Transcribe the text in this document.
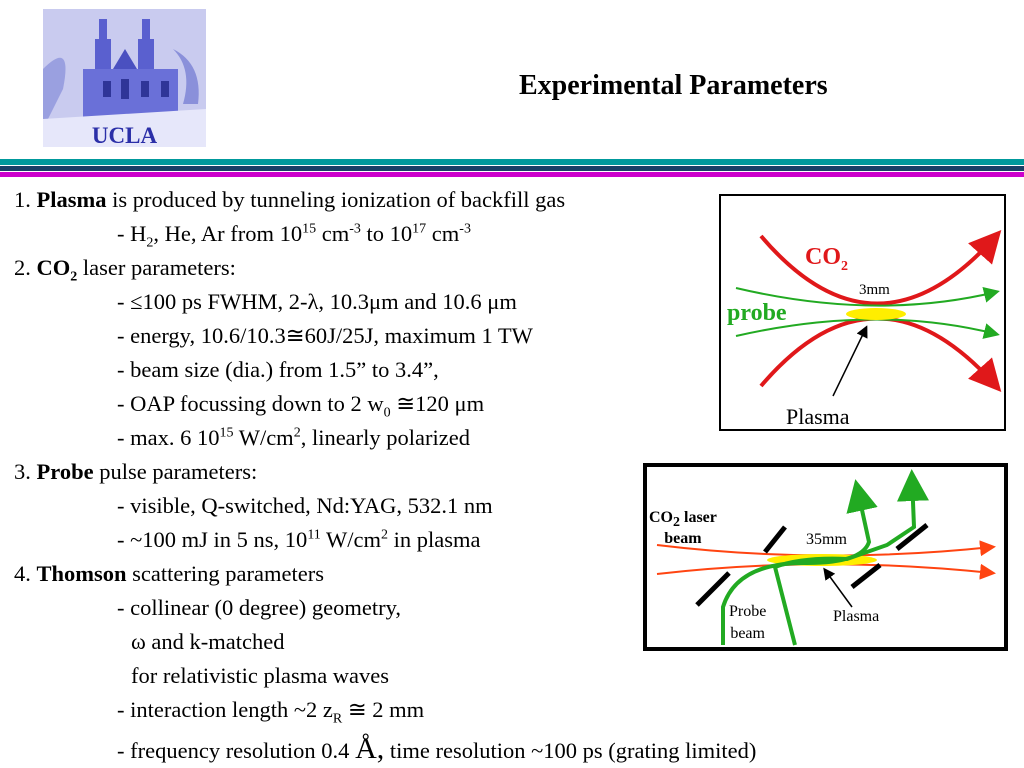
UCLA
Experimental Parameters
1. Plasma is produced by tunneling ionization of backfill gas
- $H_2$, He, Ar from $10^{15}$ $cm^{-3}$ to $10^{17}$ $cm^{-3}$
2. $CO_2$ laser parameters:
- ≤100 ps FWHM, 2-λ, 10.3μm and 10.6 μm
- energy, 10.6/10.3≅60J/25J, maximum 1 TW
- beam size (dia.) from 1.5” to 3.4”,
- OAP focussing down to 2 $w_0$ ≅120 μm
- max. 6 $10^{15}$ $W/cm^2$, linearly polarized
3. Probe pulse parameters:
- visible, Q-switched, Nd:YAG, 532.1 nm
- ~100 mJ in 5 ns, $10^{11}$ $W/cm^2$ in plasma
4. Thomson scattering parameters
- collinear (0 degree) geometry,
ω and k-matched
for relativistic plasma waves
- interaction length ~2 $z_R$ ≅ 2 mm
- frequency resolution 0.4 Å, time resolution ~100 ps (grating limited)
$CO_2$
3mm
probe
Plasma
$CO_2$ laser
beam	35mm
Probe
beam
Plasma
